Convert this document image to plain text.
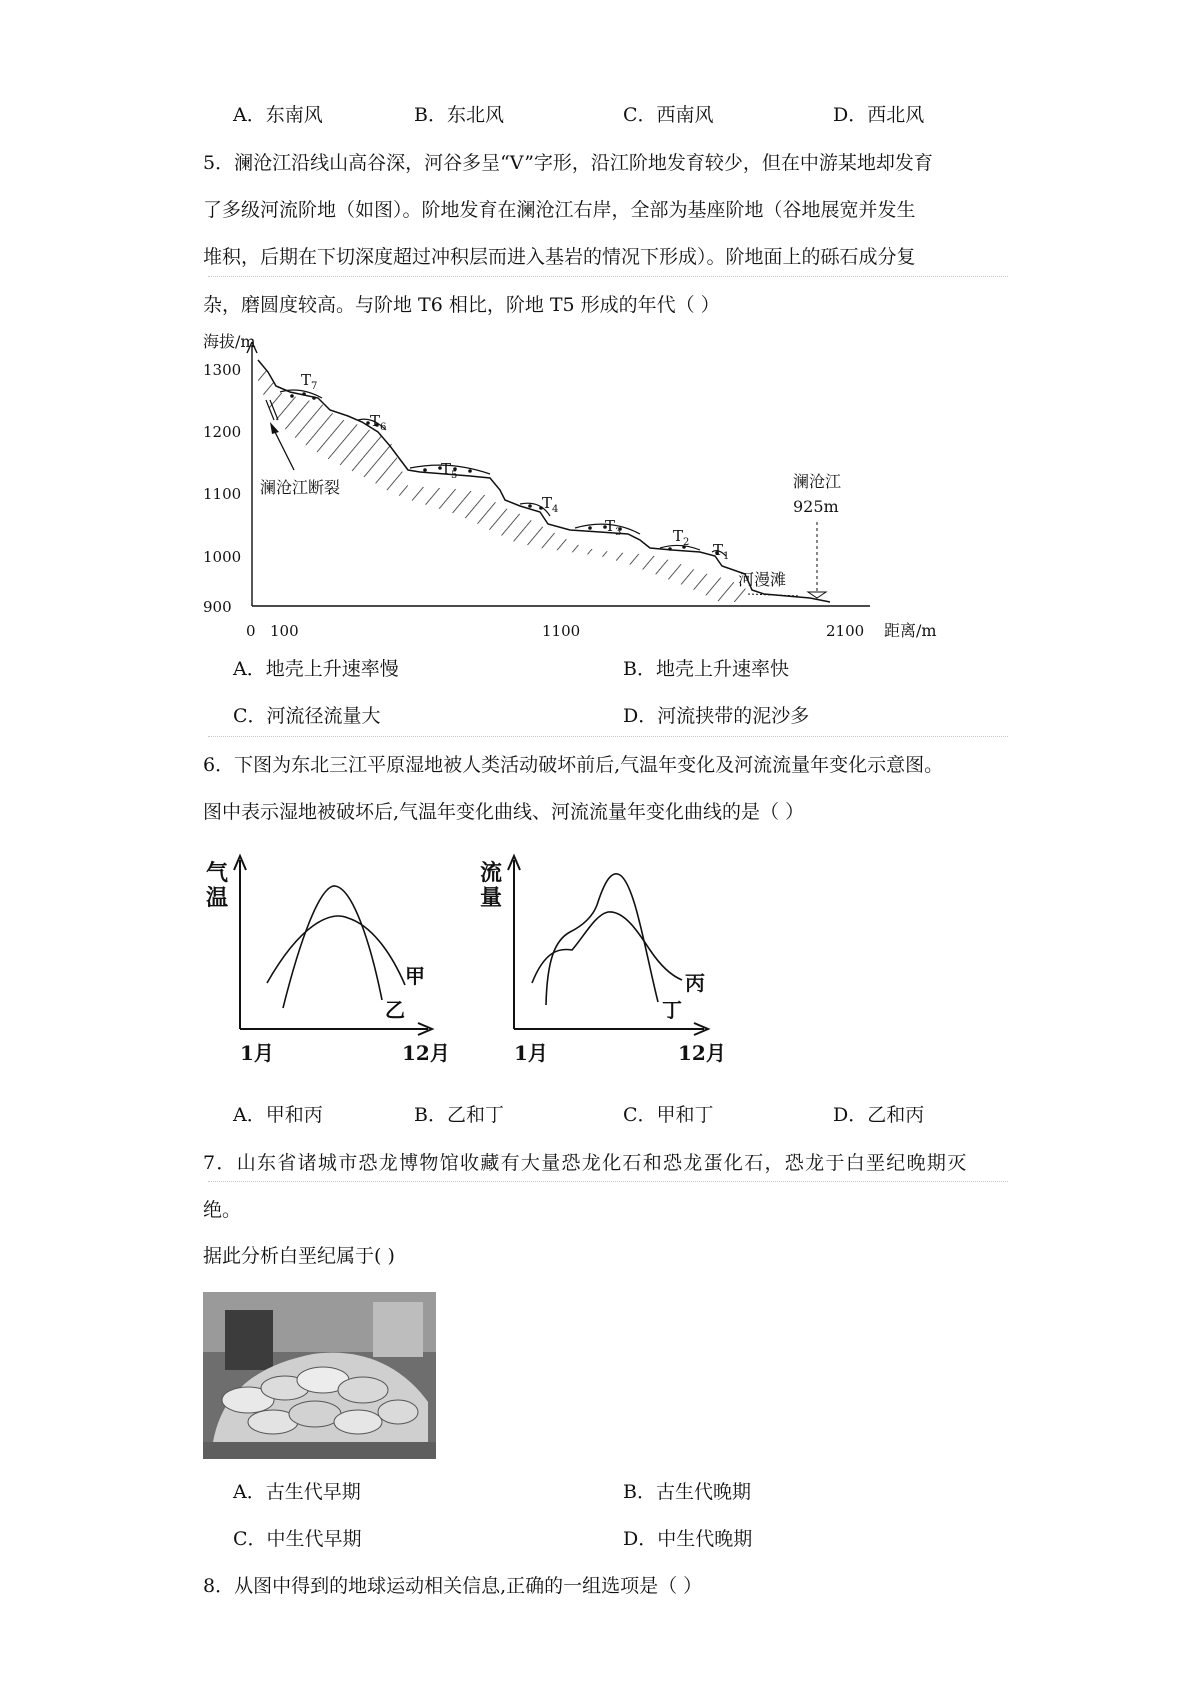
A．东南风	B．东北风	C．西南风	D．西北风
5．澜沧江沿线山高谷深，河谷多呈“V”字形，沿江阶地发育较少，但在中游某地却发育
了多级河流阶地（如图）。阶地发育在澜沧江右岸，全部为基座阶地（谷地展宽并发生
堆积，后期在下切深度超过冲积层而进入基岩的情况下形成）。阶地面上的砾石成分复
杂，磨圆度较高。与阶地 T6 相比，阶地 T5 形成的年代（ ）
海拔/m
1300
1200
1100
1000
900
0 100	1100	2100 距离/m
$T_7$
$T_6$
$T_5$
$T_4$
$T_3$	$T_2$ $T_1$
澜沧江断裂	澜沧江
925m
河漫滩
A．地壳上升速率慢	B．地壳上升速率快
C．河流径流量大	D．河流挟带的泥沙多
6．下图为东北三江平原湿地被人类活动破坏前后,气温年变化及河流流量年变化示意图。
图中表示湿地被破坏后,气温年变化曲线、河流流量年变化曲线的是（ ）
气
温
甲
乙
1月	12月
流
量
丙
丁
1月	12月
A．甲和丙	B．乙和丁	C．甲和丁	D．乙和丙
7．山东省诸城市恐龙博物馆收藏有大量恐龙化石和恐龙蛋化石，恐龙于白垩纪晚期灭
绝。
据此分析白垩纪属于( )
A．古生代早期	B．古生代晚期
C．中生代早期	D．中生代晚期
8．从图中得到的地球运动相关信息,正确的一组选项是（ ）
